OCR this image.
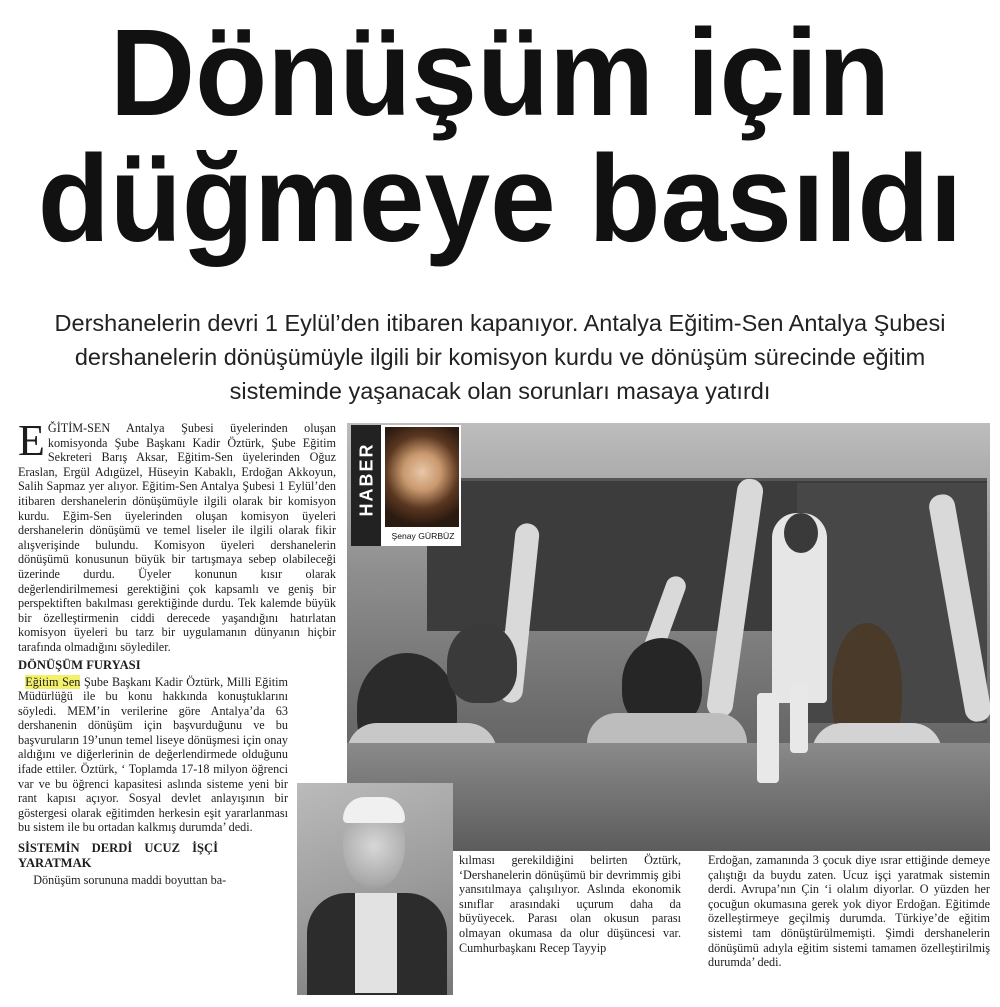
Dönüşüm için
düğmeye basıldı
Dershanelerin devri 1 Eylül’den itibaren kapanıyor. Antalya Eğitim-Sen Antalya Şubesi dershanelerin dönüşümüyle ilgili bir komisyon kurdu ve dönüşüm sürecinde eğitim sisteminde yaşanacak olan sorunları masaya yatırdı

EĞİTİM-SEN Antalya Şubesi üyelerinden oluşan komisyonda Şube Başkanı Kadir Öztürk, Şube Eğitim Sekreteri Barış Aksar, Eğitim-Sen üyelerinden Oğuz Eraslan, Ergül Adıgüzel, Hüseyin Kabaklı, Erdoğan Akkoyun, Salih Sapmaz yer alıyor. Eğitim-Sen Antalya Şubesi 1 Eylül’den itibaren dershanelerin dönüşümüyle ilgili olarak bir komisyon kurdu. Eğim-Sen üyelerinden oluşan komisyon üyeleri dershanelerin dönüşümü ve temel liseler ile ilgili olarak fikir alışverişinde bulundu. Komisyon üyeleri dershanelerin dönüşümü konusunun büyük bir tartışmaya sebep olabileceği üzerinde durdu. Üyeler konunun kısır olarak değerlendirilmemesi gerektiğini çok kapsamlı ve geniş bir perspektiften bakılması gerektiğinde durdu. Tek kalemde büyük bir özelleştirmenin ciddi derecede yaşandığını hatırlatan komisyon üyeleri bu tarz bir uygulamanın dünyanın hiçbir tarafında olmadığını söylediler.

DÖNÜŞÜM FURYASI

Eğitim Sen Şube Başkanı Kadir Öztürk, Milli Eğitim Müdürlüğü ile bu konu hakkında konuştuklarını söyledi. MEM’in verilerine göre Antalya’da 63 dershanenin dönüşüm için başvurduğunu ve bu başvuruların 19’unun temel liseye dönüşmesi için onay aldığını ve diğerlerinin de değerlendirmede olduğunu ifade ettiler. Öztürk, ‘ Toplamda 17-18 milyon öğrenci var ve bu öğrenci kapasitesi aslında sisteme yeni bir rant kapısı açıyor. Sosyal devlet anlayışının bir göstergesi olarak eğitimden herkesin eşit yararlanması bu sistem ile bu ortadan kalkmış durumda’ dedi.

SİSTEMİN DERDİ UCUZ İŞÇİ YARATMAK

Dönüşüm sorununa maddi boyuttan ba-

HABER
Şenay GÜRBÜZ

kılması gerekildiğini belirten Öztürk, ‘Dershanelerin dönüşümü bir devrimmiş gibi yansıtılmaya çalışılıyor. Aslında ekonomik sınıflar arasındaki uçurum daha da büyüyecek. Parası olan okusun parası olmayan okumasa da olur düşüncesi var. Cumhurbaşkanı Recep Tayyip

Erdoğan, zamanında 3 çocuk diye ısrar ettiğinde demeye çalıştığı da buydu zaten. Ucuz işçi yaratmak sistemin derdi. Avrupa’nın Çin ‘i olalım diyorlar. O yüzden her çocuğun okumasına gerek yok diyor Erdoğan. Eğitimde özelleştirmeye geçilmiş durumda. Türkiye’de eğitim sistemi tam dönüştürülmemişti. Şimdi dershanelerin dönüşümü adıyla eğitim sistemi tamamen özelleştirilmiş durumda’ dedi.
